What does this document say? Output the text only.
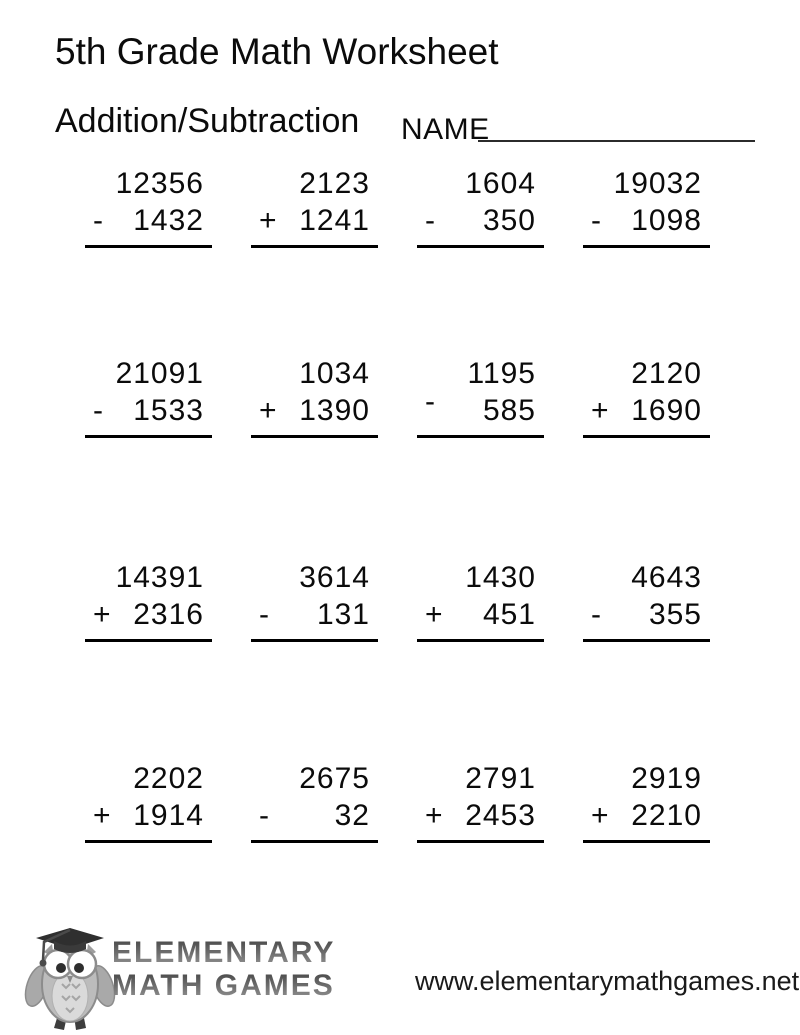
5th Grade Math Worksheet
Addition/Subtraction NAME
12356
- 1432
2123
+ 1241
1604
- 350
19032
- 1098
21091
- 1533
1034
+ 1390
1195
- 585
2120
+ 1690
14391
+ 2316
3614
- 131
1430
+ 451
4643
- 355
2202
+ 1914
2675
- 32
2791
+ 2453
2919
+ 2210
ELEMENTARY
MATH GAMES	www.elementarymathgames.net
